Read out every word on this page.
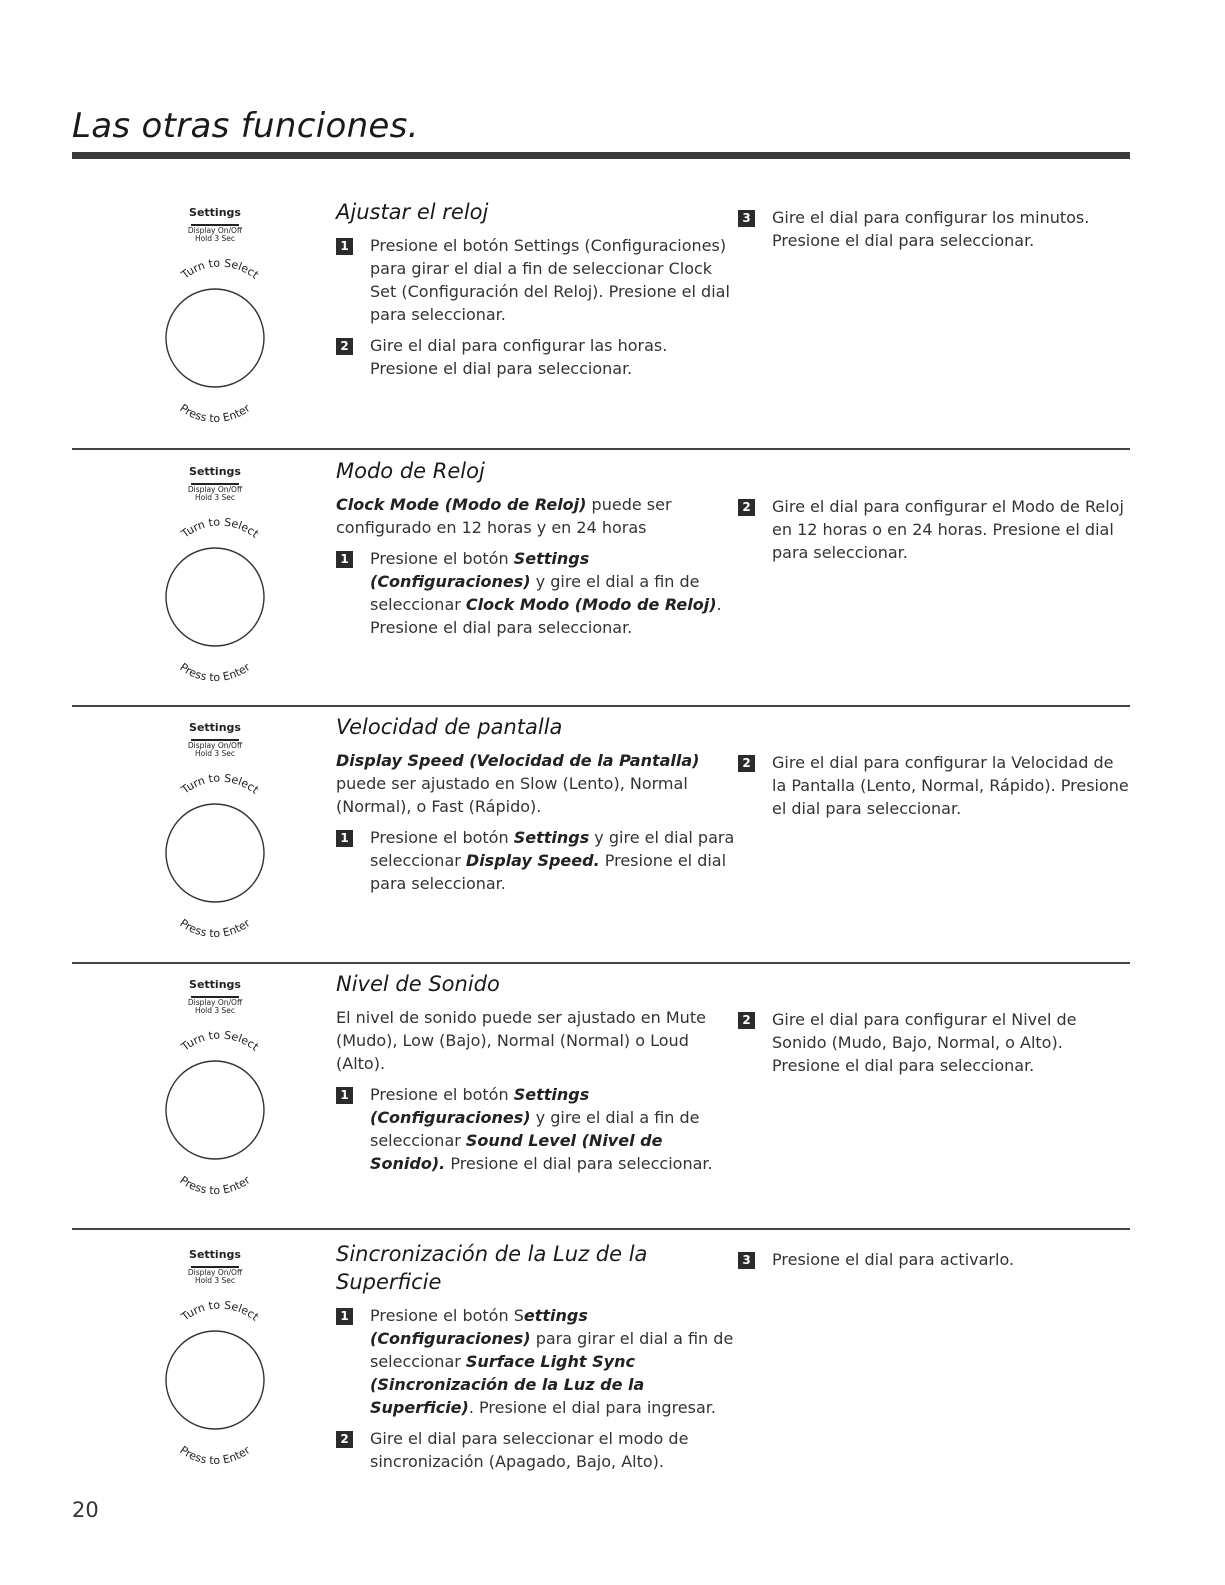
Las otras funciones.
Settings
Display On/Off
Hold 3 Sec
Turn to Select
Press to Enter
Ajustar el reloj
1 Presione el botón Settings (Configuraciones) para girar el dial a fin de seleccionar Clock Set (Configuración del Reloj). Presione el dial para seleccionar.
2 Gire el dial para configurar las horas. Presione el dial para seleccionar.
3 Gire el dial para configurar los minutos. Presione el dial para seleccionar.
Settings
Display On/Off
Hold 3 Sec
Turn to Select
Press to Enter
Modo de Reloj
Clock Mode (Modo de Reloj) puede ser configurado en 12 horas y en 24 horas
1 Presione el botón Settings (Configuraciones) y gire el dial a fin de seleccionar Clock Modo (Modo de Reloj). Presione el dial para seleccionar.
2 Gire el dial para configurar el Modo de Reloj en 12 horas o en 24 horas. Presione el dial para seleccionar.
Settings
Display On/Off
Hold 3 Sec
Turn to Select
Press to Enter
Velocidad de pantalla
Display Speed (Velocidad de la Pantalla) puede ser ajustado en Slow (Lento), Normal (Normal), o Fast (Rápido).
1 Presione el botón Settings y gire el dial para seleccionar Display Speed. Presione el dial para seleccionar.
2 Gire el dial para configurar la Velocidad de la Pantalla (Lento, Normal, Rápido). Presione el dial para seleccionar.
Settings
Display On/Off
Hold 3 Sec
Turn to Select
Press to Enter
Nivel de Sonido
El nivel de sonido puede ser ajustado en Mute (Mudo), Low (Bajo), Normal (Normal) o Loud (Alto).
1 Presione el botón Settings (Configuraciones) y gire el dial a fin de seleccionar Sound Level (Nivel de Sonido). Presione el dial para seleccionar.
2 Gire el dial para configurar el Nivel de Sonido (Mudo, Bajo, Normal, o Alto). Presione el dial para seleccionar.
Settings
Display On/Off
Hold 3 Sec
Turn to Select
Press to Enter
Sincronización de la Luz de la Superficie
1 Presione el botón Settings (Configuraciones) para girar el dial a fin de seleccionar Surface Light Sync (Sincronización de la Luz de la Superficie). Presione el dial para ingresar.
2 Gire el dial para seleccionar el modo de sincronización (Apagado, Bajo, Alto).
3 Presione el dial para activarlo.
20
